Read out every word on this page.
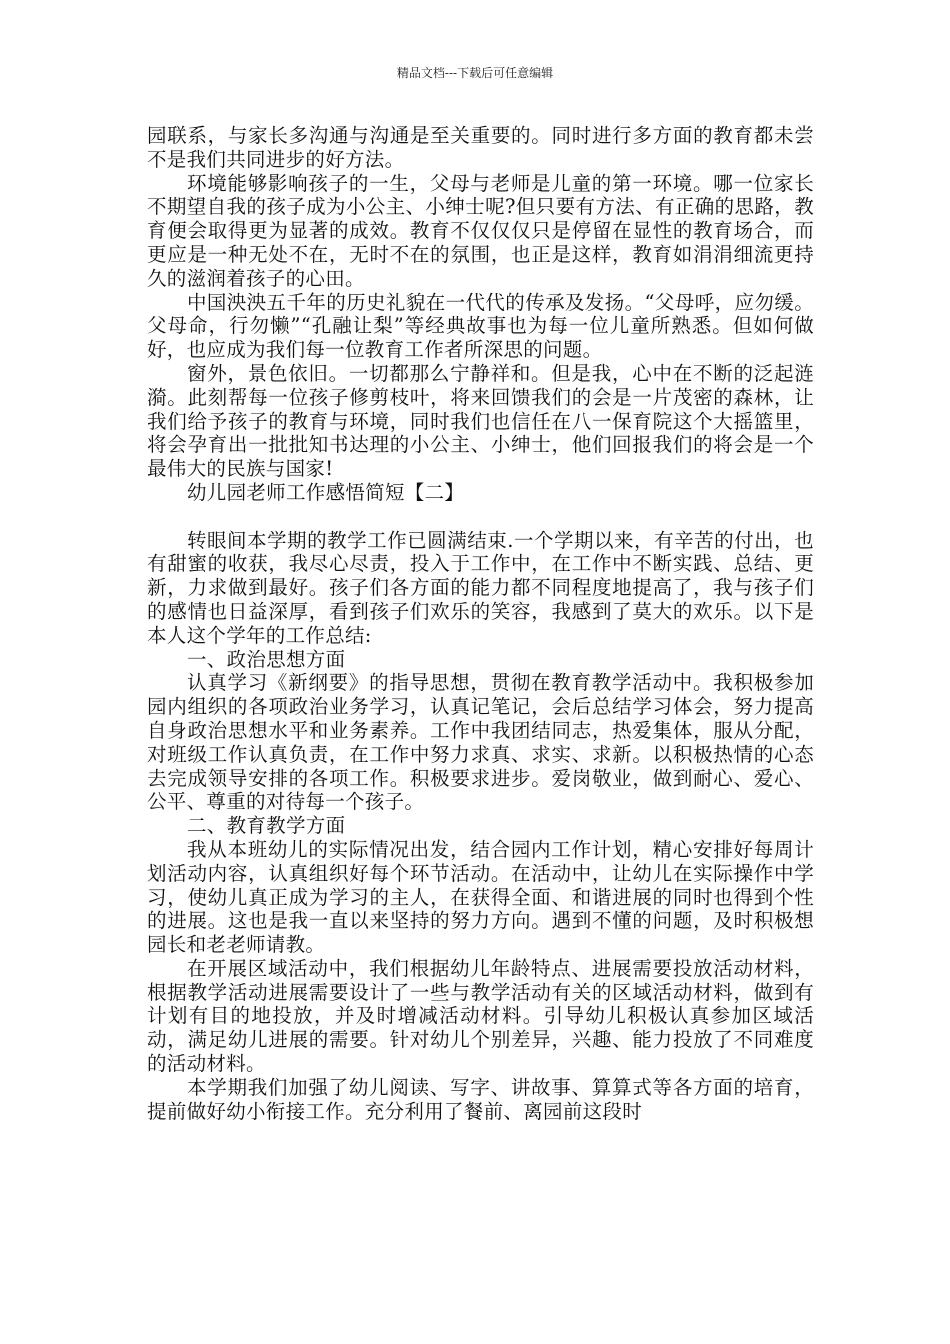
精品文档---下载后可任意编辑

园联系，与家长多沟通与沟通是至关重要的。同时进行多方面的教育都未尝不是我们共同进步的好方法。

环境能够影响孩子的一生，父母与老师是儿童的第一环境。哪一位家长不期望自我的孩子成为小公主、小绅士呢?但只要有方法、有正确的思路，教育便会取得更为显著的成效。教育不仅仅仅只是停留在显性的教育场合，而更应是一种无处不在，无时不在的氛围，也正是这样，教育如涓涓细流更持久的滋润着孩子的心田。

中国泱泱五千年的历史礼貌在一代代的传承及发扬。“父母呼，应勿缓。父母命，行勿懒”“孔融让梨”等经典故事也为每一位儿童所熟悉。但如何做好，也应成为我们每一位教育工作者所深思的问题。

窗外，景色依旧。一切都那么宁静祥和。但是我，心中在不断的泛起涟漪。此刻帮每一位孩子修剪枝叶，将来回馈我们的会是一片茂密的森林，让我们给予孩子的教育与环境，同时我们也信任在八一保育院这个大摇篮里，将会孕育出一批批知书达理的小公主、小绅士，他们回报我们的将会是一个最伟大的民族与国家!

幼儿园老师工作感悟简短【二】

转眼间本学期的教学工作已圆满结束.一个学期以来，有辛苦的付出，也有甜蜜的收获，我尽心尽责，投入于工作中，在工作中不断实践、总结、更新，力求做到最好。孩子们各方面的能力都不同程度地提高了，我与孩子们的感情也日益深厚，看到孩子们欢乐的笑容，我感到了莫大的欢乐。以下是本人这个学年的工作总结:

一、政治思想方面

认真学习《新纲要》的指导思想，贯彻在教育教学活动中。我积极参加园内组织的各项政治业务学习，认真记笔记，会后总结学习体会，努力提高自身政治思想水平和业务素养。工作中我团结同志，热爱集体，服从分配，对班级工作认真负责，在工作中努力求真、求实、求新。以积极热情的心态去完成领导安排的各项工作。积极要求进步。爱岗敬业，做到耐心、爱心、公平、尊重的对待每一个孩子。

二、教育教学方面

我从本班幼儿的实际情况出发，结合园内工作计划，精心安排好每周计划活动内容，认真组织好每个环节活动。在活动中，让幼儿在实际操作中学习，使幼儿真正成为学习的主人，在获得全面、和谐进展的同时也得到个性的进展。这也是我一直以来坚持的努力方向。遇到不懂的问题，及时积极想园长和老老师请教。

在开展区域活动中，我们根据幼儿年龄特点、进展需要投放活动材料，根据教学活动进展需要设计了一些与教学活动有关的区域活动材料，做到有计划有目的地投放，并及时增减活动材料。引导幼儿积极认真参加区域活动，满足幼儿进展的需要。针对幼儿个别差异，兴趣、能力投放了不同难度的活动材料。

本学期我们加强了幼儿阅读、写字、讲故事、算算式等各方面的培育，提前做好幼小衔接工作。充分利用了餐前、离园前这段时
